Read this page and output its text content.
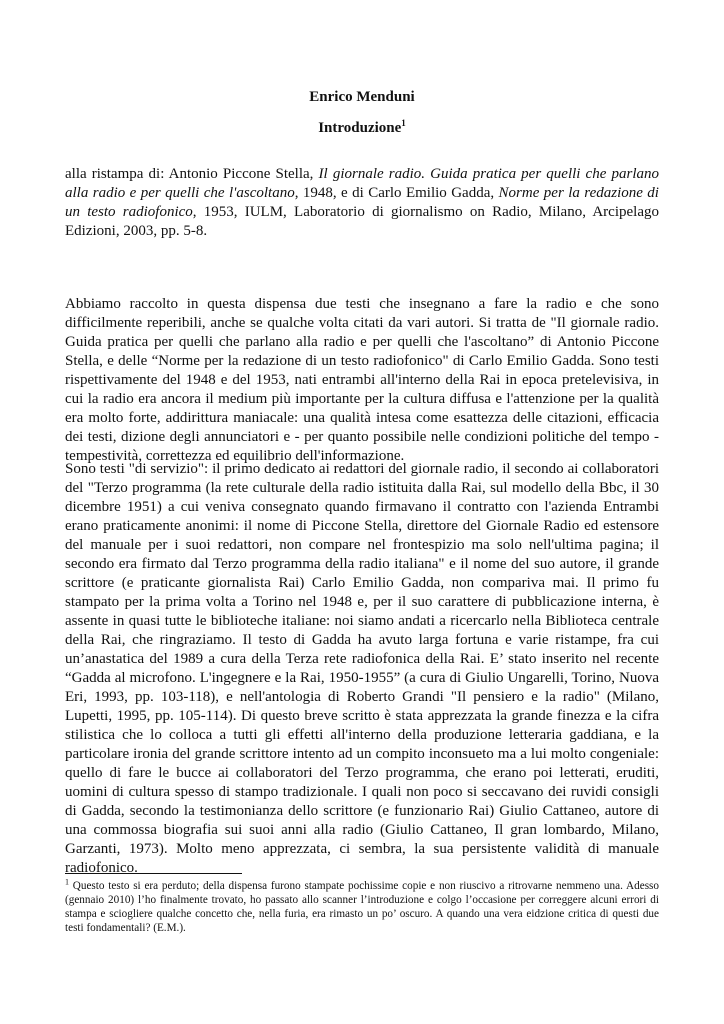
Enrico Menduni
Introduzione$^1$

alla ristampa di: Antonio Piccone Stella, Il giornale radio. Guida pratica per quelli che parlano alla radio e per quelli che l'ascoltano, 1948, e di Carlo Emilio Gadda, Norme per la redazione di un testo radiofonico, 1953, IULM, Laboratorio di giornalismo on Radio, Milano, Arcipelago Edizioni, 2003, pp. 5-8.

Abbiamo raccolto in questa dispensa due testi che insegnano a fare la radio e che sono difficilmente reperibili, anche se qualche volta citati da vari autori. Si tratta de "Il giornale radio. Guida pratica per quelli che parlano alla radio e per quelli che l'ascoltano” di Antonio Piccone Stella, e delle “Norme per la redazione di un testo radiofonico" di Carlo Emilio Gadda. Sono testi rispettivamente del 1948 e del 1953, nati entrambi all'interno della Rai in epoca pretelevisiva, in cui la radio era ancora il medium più importante per la cultura diffusa e l'attenzione per la qualità era molto forte, addirittura maniacale: una qualità intesa come esattezza delle citazioni, efficacia dei testi, dizione degli annunciatori e - per quanto possibile nelle condizioni politiche del tempo - tempestività, correttezza ed equilibrio dell'informazione.

Sono testi "di servizio": il primo dedicato ai redattori del giornale radio, il secondo ai collaboratori del "Terzo programma (la rete culturale della radio istituita dalla Rai, sul modello della Bbc, il 30 dicembre 1951) a cui veniva consegnato quando firmavano il contratto con l'azienda Entrambi erano praticamente anonimi: il nome di Piccone Stella, direttore del Giornale Radio ed estensore del manuale per i suoi redattori, non compare nel frontespizio ma solo nell'ultima pagina; il secondo era firmato dal Terzo programma della radio italiana" e il nome del suo autore, il grande scrittore (e praticante giornalista Rai) Carlo Emilio Gadda, non compariva mai. Il primo fu stampato per la prima volta a Torino nel 1948 e, per il suo carattere di pubblicazione interna, è assente in quasi tutte le biblioteche italiane: noi siamo andati a ricercarlo nella Biblioteca centrale della Rai, che ringraziamo. Il testo di Gadda ha avuto larga fortuna e varie ristampe, fra cui un’anastatica del 1989 a cura della Terza rete radiofonica della Rai. E’ stato inserito nel recente “Gadda al microfono. L'ingegnere e la Rai, 1950-1955” (a cura di Giulio Ungarelli, Torino, Nuova Eri, 1993, pp. 103-118), e nell'antologia di Roberto Grandi "Il pensiero e la radio" (Milano, Lupetti, 1995, pp. 105-114). Di questo breve scritto è stata apprezzata la grande finezza e la cifra stilistica che lo colloca a tutti gli effetti all'interno della produzione letteraria gaddiana, e la particolare ironia del grande scrittore intento ad un compito inconsueto ma a lui molto congeniale: quello di fare le bucce ai collaboratori del Terzo programma, che erano poi letterati, eruditi, uomini di cultura spesso di stampo tradizionale. I quali non poco si seccavano dei ruvidi consigli di Gadda, secondo la testimonianza dello scrittore (e funzionario Rai) Giulio Cattaneo, autore di una commossa biografia sui suoi anni alla radio (Giulio Cattaneo, Il gran lombardo, Milano, Garzanti, 1973). Molto meno apprezzata, ci sembra, la sua persistente validità di manuale radiofonico.

$^1$ Questo testo si era perduto; della dispensa furono stampate pochissime copie e non riuscivo a ritrovarne nemmeno una. Adesso (gennaio 2010) l’ho finalmente trovato, ho passato allo scanner l’introduzione e colgo l’occasione per correggere alcuni errori di stampa e sciogliere qualche concetto che, nella furia, era rimasto un po’ oscuro. A quando una vera eidzione critica di questi due testi fondamentali? (E.M.).
